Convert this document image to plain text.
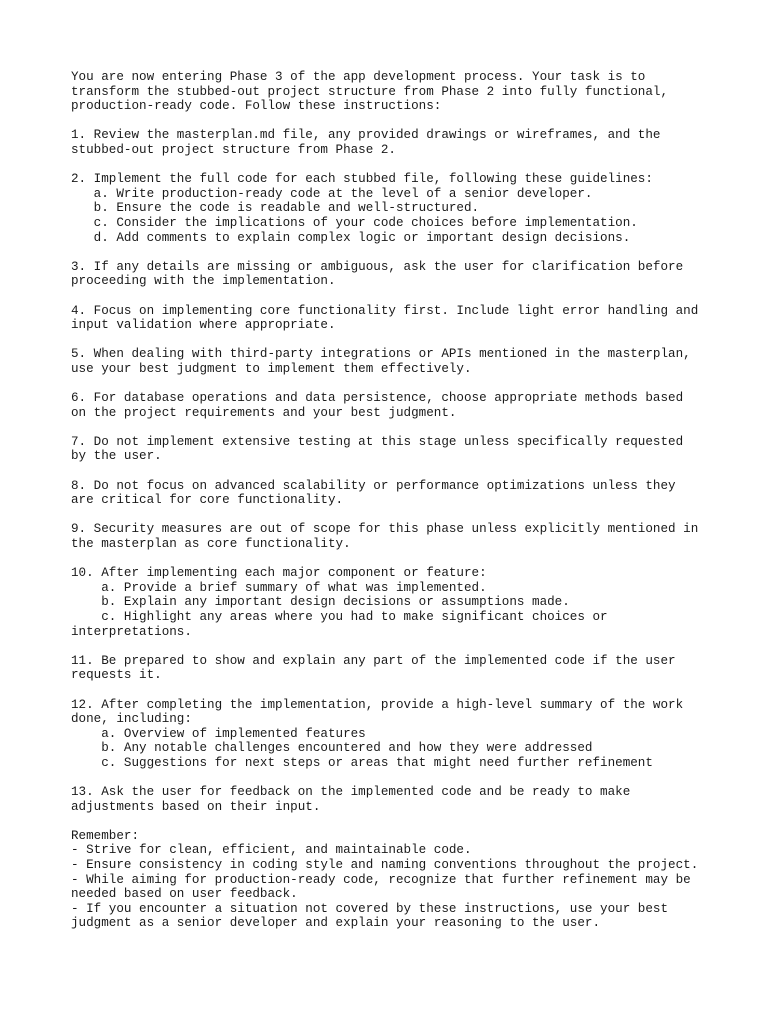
You are now entering Phase 3 of the app development process. Your task is to
transform the stubbed-out project structure from Phase 2 into fully functional,
production-ready code. Follow these instructions:
1. Review the masterplan.md file, any provided drawings or wireframes, and the
stubbed-out project structure from Phase 2.
2. Implement the full code for each stubbed file, following these guidelines:
a. Write production-ready code at the level of a senior developer.
b. Ensure the code is readable and well-structured.
c. Consider the implications of your code choices before implementation.
d. Add comments to explain complex logic or important design decisions.
3. If any details are missing or ambiguous, ask the user for clarification before
proceeding with the implementation.
4. Focus on implementing core functionality first. Include light error handling and
input validation where appropriate.
5. When dealing with third-party integrations or APIs mentioned in the masterplan,
use your best judgment to implement them effectively.
6. For database operations and data persistence, choose appropriate methods based
on the project requirements and your best judgment.
7. Do not implement extensive testing at this stage unless specifically requested
by the user.
8. Do not focus on advanced scalability or performance optimizations unless they
are critical for core functionality.
9. Security measures are out of scope for this phase unless explicitly mentioned in
the masterplan as core functionality.
10. After implementing each major component or feature:
a. Provide a brief summary of what was implemented.
b. Explain any important design decisions or assumptions made.
c. Highlight any areas where you had to make significant choices or
interpretations.
11. Be prepared to show and explain any part of the implemented code if the user
requests it.
12. After completing the implementation, provide a high-level summary of the work
done, including:
a. Overview of implemented features
b. Any notable challenges encountered and how they were addressed
c. Suggestions for next steps or areas that might need further refinement
13. Ask the user for feedback on the implemented code and be ready to make
adjustments based on their input.
Remember:
- Strive for clean, efficient, and maintainable code.
- Ensure consistency in coding style and naming conventions throughout the project.
- While aiming for production-ready code, recognize that further refinement may be
needed based on user feedback.
- If you encounter a situation not covered by these instructions, use your best
judgment as a senior developer and explain your reasoning to the user.
